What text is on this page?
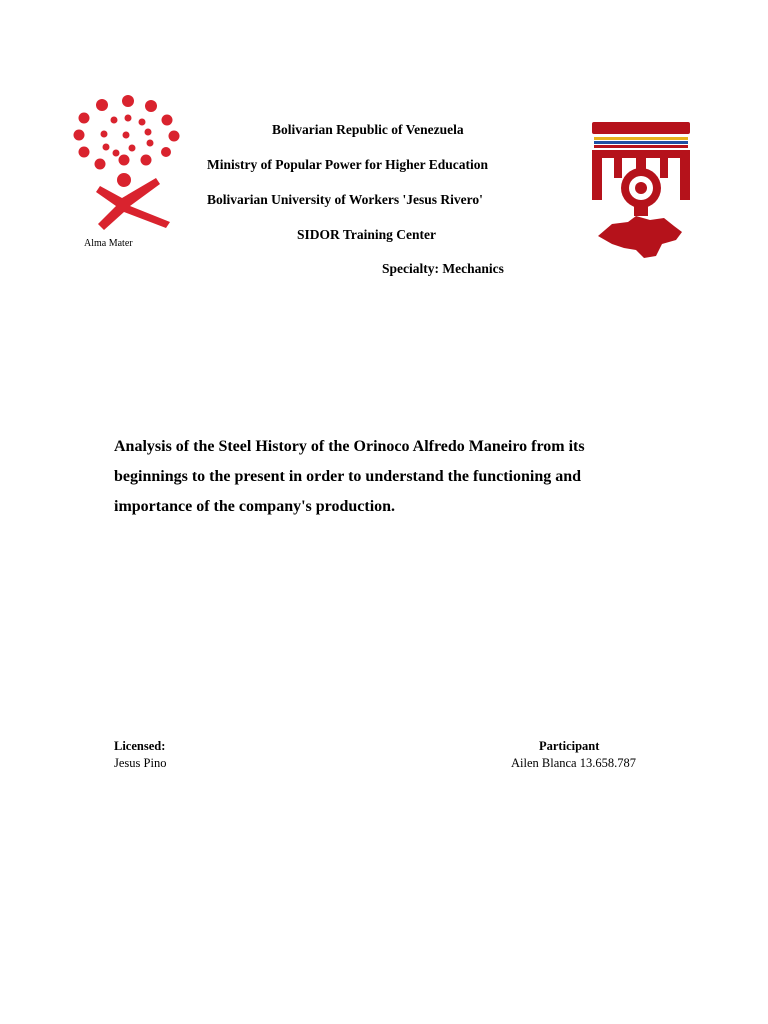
Alma Mater
Bolivarian Republic of Venezuela
Ministry of Popular Power for Higher Education
Bolivarian University of Workers 'Jesus Rivero'
SIDOR Training Center
Specialty: Mechanics
Analysis of the Steel History of the Orinoco Alfredo Maneiro from its beginnings to the present in order to understand the functioning and importance of the company's production.
Licensed:
Jesus Pino
Participant
Ailen Blanca 13.658.787
